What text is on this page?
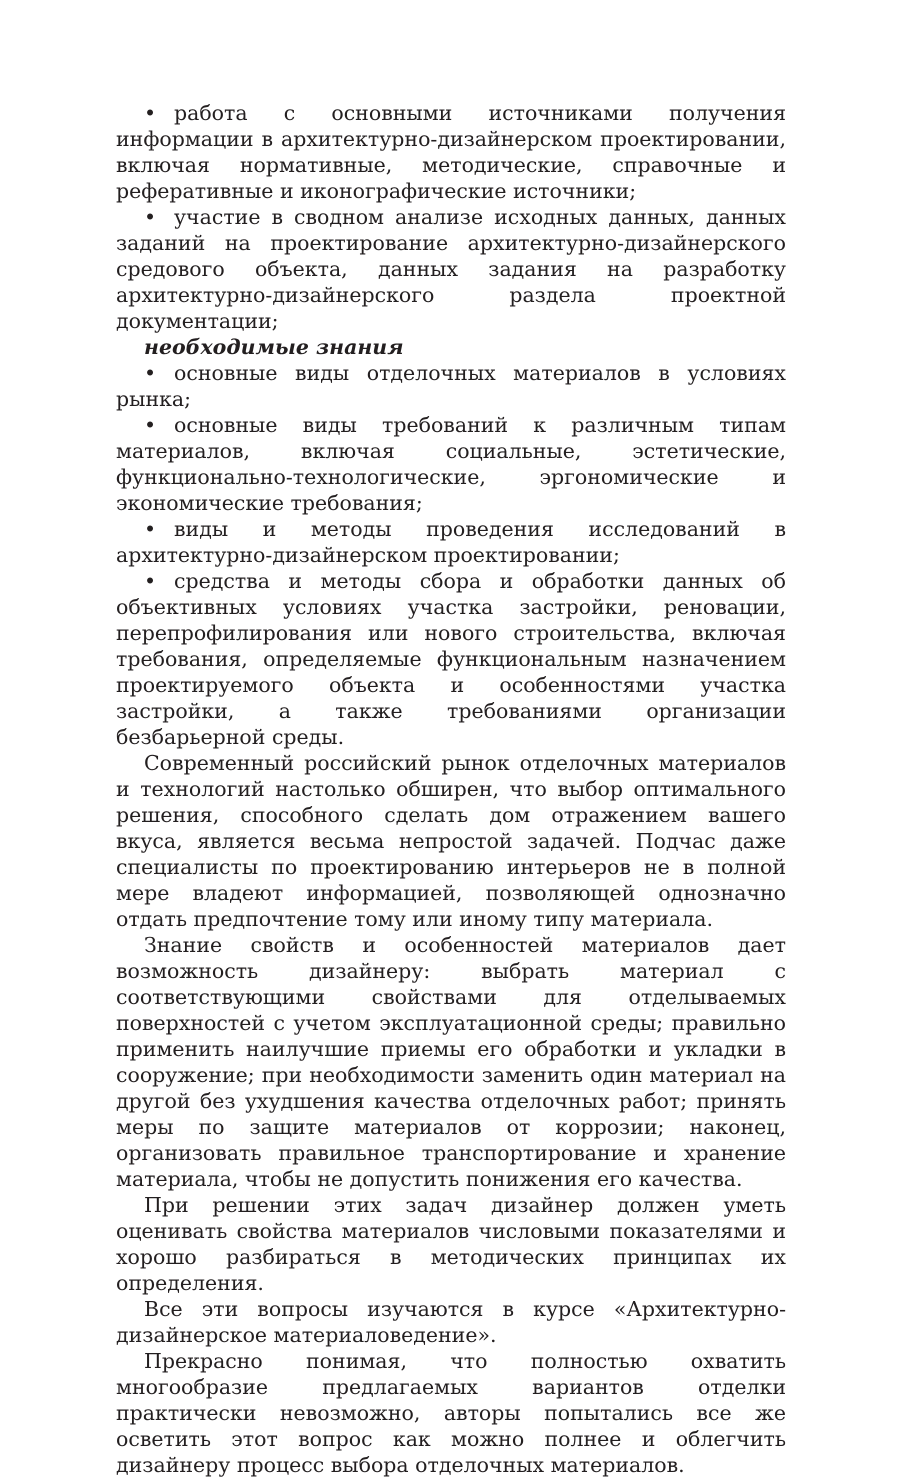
• работа с основными источниками получения информации в архитектурно-дизайнерском проектировании, включая нормативные, методические, справочные и реферативные и иконографические источники;

• участие в сводном анализе исходных данных, данных заданий на проектирование архитектурно-дизайнерского средового объекта, данных задания на разработку архитектурно-дизайнерского раздела проектной документации;

необходимые знания

• основные виды отделочных материалов в условиях рынка;

• основные виды требований к различным типам материалов, включая социальные, эстетические, функционально-технологические, эргономические и экономические требования;

• виды и методы проведения исследований в архитектурно-дизайнерском проектировании;

• средства и методы сбора и обработки данных об объективных условиях участка застройки, реновации, перепрофилирования или нового строительства, включая требования, определяемые функциональным назначением проектируемого объекта и особенностями участка застройки, а также требованиями организации безбарьерной среды.

Современный российский рынок отделочных материалов и технологий настолько обширен, что выбор оптимального решения, способного сделать дом отражением вашего вкуса, является весьма непростой задачей. Подчас даже специалисты по проектированию интерьеров не в полной мере владеют информацией, позволяющей однозначно отдать предпочтение тому или иному типу материала.

Знание свойств и особенностей материалов дает возможность дизайнеру: выбрать материал с соответствующими свойствами для отделываемых поверхностей с учетом эксплуатационной среды; правильно применить наилучшие приемы его обработки и укладки в сооружение; при необходимости заменить один материал на другой без ухудшения качества отделочных работ; принять меры по защите материалов от коррозии; наконец, организовать правильное транспортирование и хранение материала, чтобы не допустить понижения его качества.

При решении этих задач дизайнер должен уметь оценивать свойства материалов числовыми показателями и хорошо разбираться в методических принципах их определения.

Все эти вопросы изучаются в курсе «Архитектурно-дизайнерское материаловедение».

Прекрасно понимая, что полностью охватить многообразие предлагаемых вариантов отделки практически невозможно, авторы попытались все же осветить этот вопрос как можно полнее и облегчить дизайнеру процесс выбора отделочных материалов.
